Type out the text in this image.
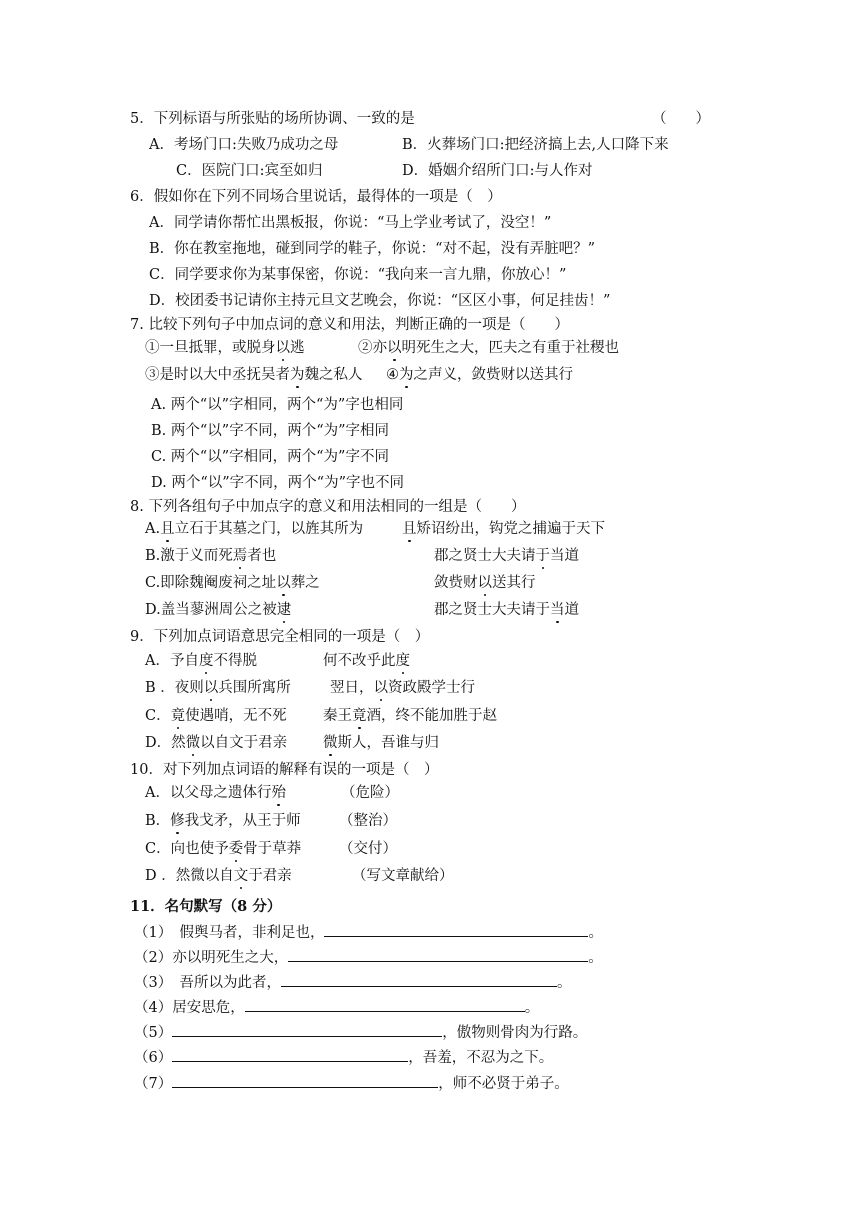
5．下列标语与所张贴的场所协调、一致的是	（　　）
A．考场门口:失败乃成功之母	B．火葬场门口:把经济搞上去,人口降下来
C．医院门口:宾至如归	D．婚姻介绍所门口:与人作对
6．假如你在下列不同场合里说话，最得体的一项是（　）
A．同学请你帮忙出黑板报，你说：“马上学业考试了，没空！”
B．你在教室拖地，碰到同学的鞋子，你说：“对不起，没有弄脏吧？”
C．同学要求你为某事保密，你说：“我向来一言九鼎，你放心！”
D．校团委书记请你主持元旦文艺晚会，你说：“区区小事，何足挂齿！”
7. 比较下列句子中加点词的意义和用法，判断正确的一项是（　　）
①一旦抵罪，或脱身以逃	②亦以明死生之大，匹夫之有重于社稷也
③是时以大中丞抚吴者为魏之私人 ④为之声义，敛赀财以送其行
A. 两个“以”字相同，两个“为”字也相同
B. 两个“以”字不同，两个“为”字相同
C. 两个“以”字相同，两个“为”字不同
D. 两个“以”字不同，两个“为”字也不同
8. 下列各组句子中加点字的意义和用法相同的一组是（　　）
A.且立石于其墓之门，以旌其所为	且矫诏纷出，钩党之捕遍于天下
B.激于义而死焉者也	郡之贤士大夫请于当道
C.即除魏阉废祠之址以葬之	敛赀财以送其行
D.盖当蓼洲周公之被逮	郡之贤士大夫请于当道
9．下列加点词语意思完全相同的一项是（　）
A．予自度不得脱	何不改乎此度
B ．夜则以兵围所寓所	翌日，以资政殿学士行
C．竟使遇哨，无不死	秦王竟酒，终不能加胜于赵
D．然微以自文于君亲 微斯人，吾谁与归
10．对下列加点词语的解释有误的一项是（　）
A．以父母之遗体行殆	（危险）
B．修我戈矛，从王于师	（整治）
C．向也使予委骨于草莽	（交付）
D ．然微以自文于君亲	（写文章献给）
11．名句默写（8 分）
（1）　假舆马者，非利足也，	。
（2）亦以明死生之大，	。
（3）　吾所以为此者，	。
（4）居安思危，	。
（5）	，傲物则骨肉为行路。
（6）	，吾羞，不忍为之下。
（7）	，师不必贤于弟子。
